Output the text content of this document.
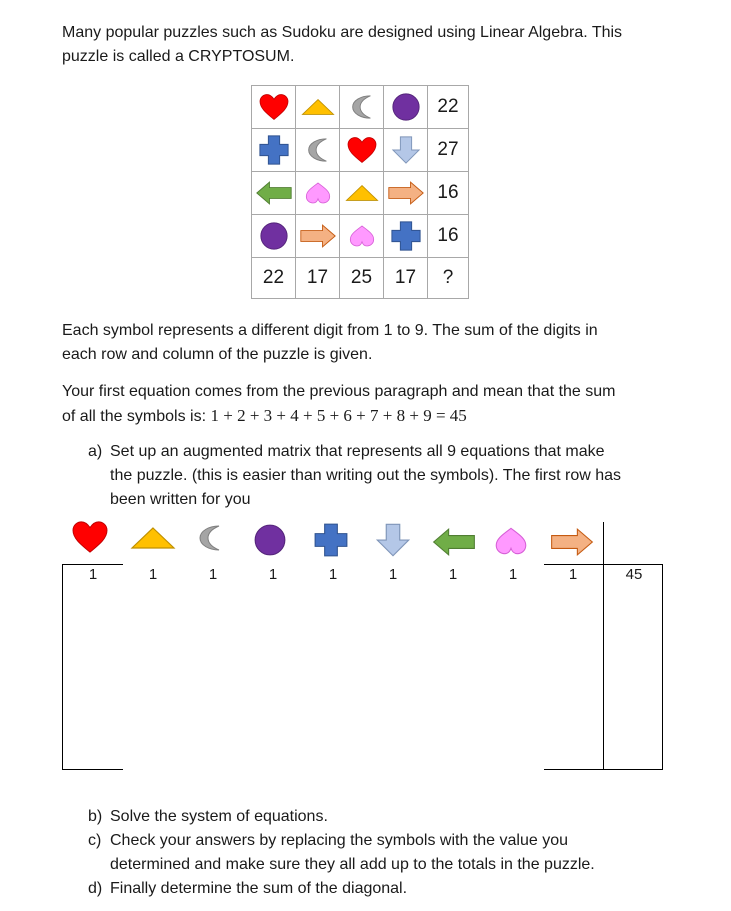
Many popular puzzles such as Sudoku are designed using Linear Algebra. This
puzzle is called a CRYPTOSUM.

				22
				27
				16
				16
22	17	25	17	?

Each symbol represents a different digit from 1 to 9. The sum of the digits in
each row and column of the puzzle is given.

Your first equation comes from the previous paragraph and mean that the sum
of all the symbols is: 1 + 2 + 3 + 4 + 5 + 6 + 7 + 8 + 9 = 45

a) Set up an augmented matrix that represents all 9 equations that make
the puzzle. (this is easier than writing out the symbols). The first row has
been written for you
1	1	1	1	1	1	1	1	1	45
b) Solve the system of equations.
c) Check your answers by replacing the symbols with the value you
determined and make sure they all add up to the totals in the puzzle.
d) Finally determine the sum of the diagonal.
